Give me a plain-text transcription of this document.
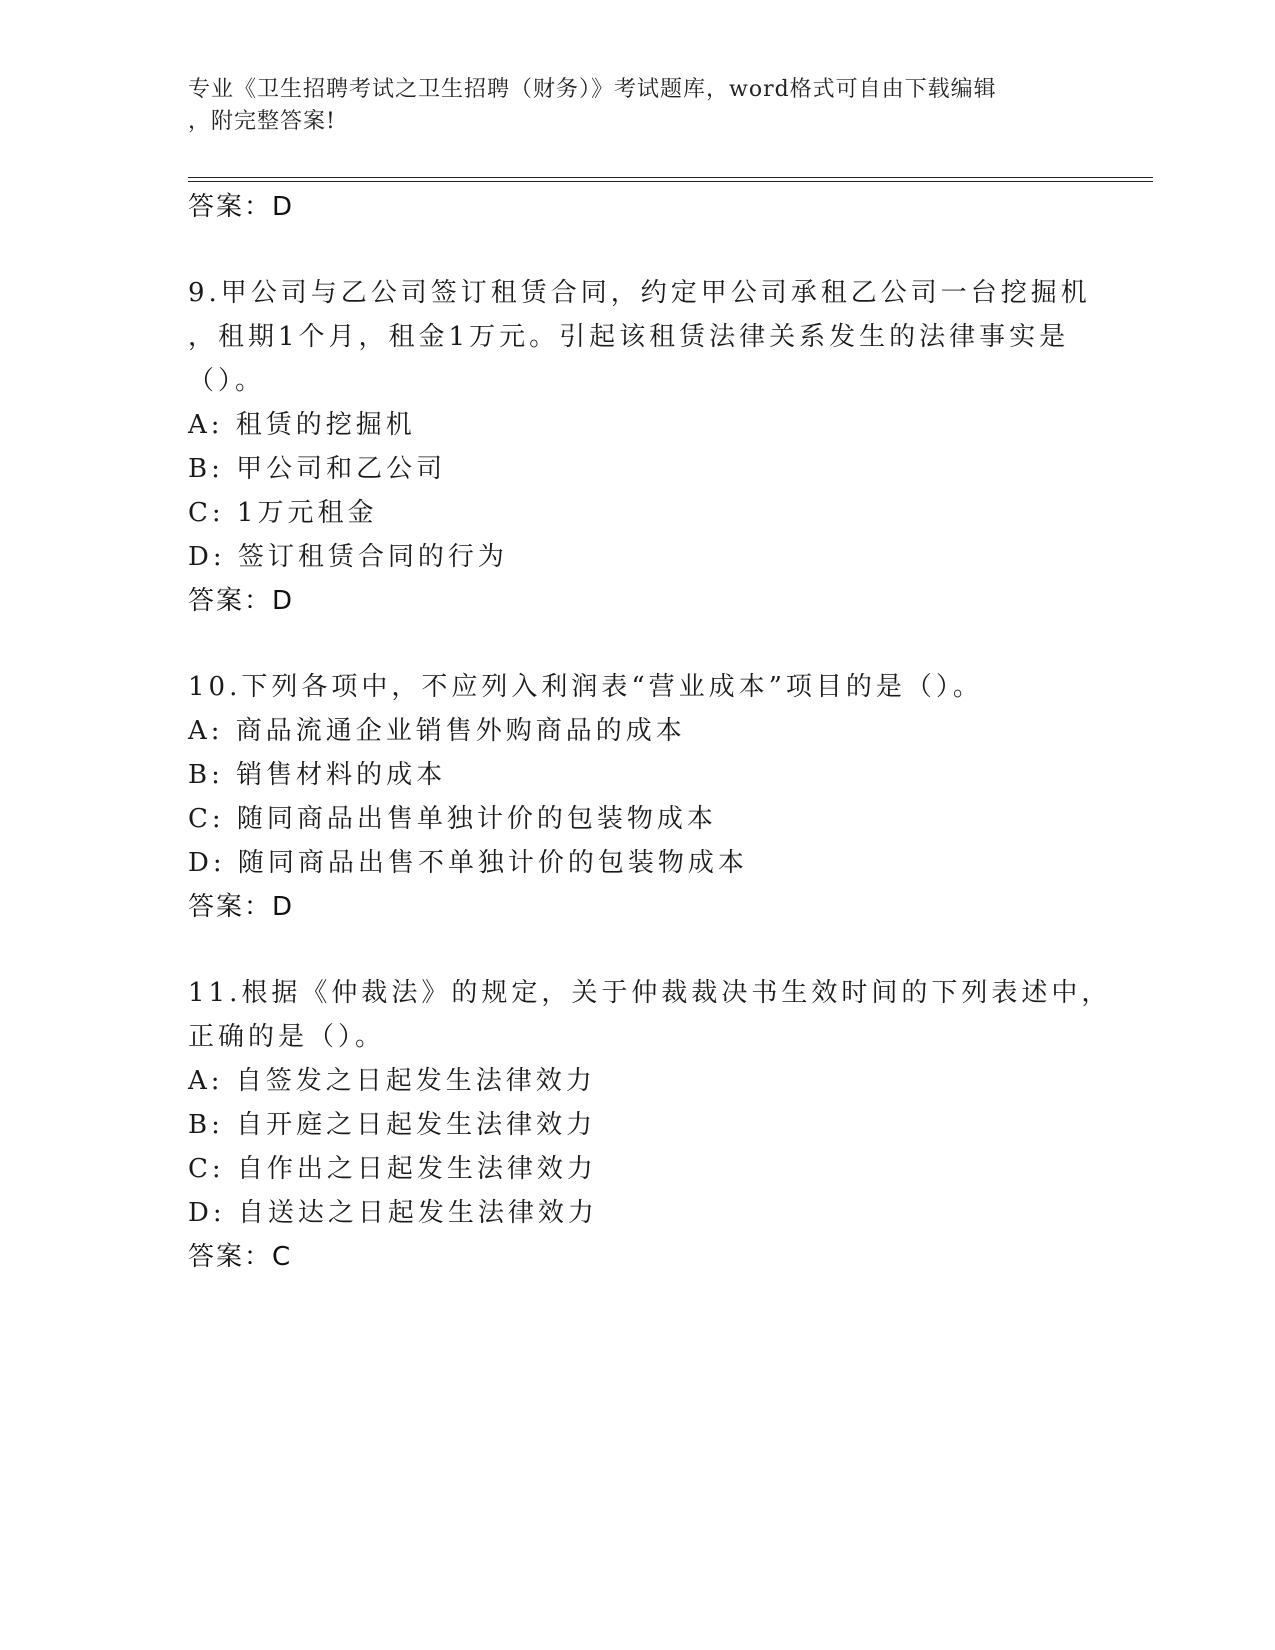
专业《卫生招聘考试之卫生招聘（财务）》考试题库，word格式可自由下载编辑
，附完整答案!
答案：D
9.甲公司与乙公司签订租赁合同，约定甲公司承租乙公司一台挖掘机
，租期1个月，租金1万元。引起该租赁法律关系发生的法律事实是
（）。
A: 租赁的挖掘机
B: 甲公司和乙公司
C: 1万元租金
D: 签订租赁合同的行为
答案：D
10.下列各项中，不应列入利润表“营业成本”项目的是（）。
A: 商品流通企业销售外购商品的成本
B: 销售材料的成本
C: 随同商品出售单独计价的包装物成本
D: 随同商品出售不单独计价的包装物成本
答案：D
11.根据《仲裁法》的规定，关于仲裁裁决书生效时间的下列表述中，
正确的是（）。
A: 自签发之日起发生法律效力
B: 自开庭之日起发生法律效力
C: 自作出之日起发生法律效力
D: 自送达之日起发生法律效力
答案：C
